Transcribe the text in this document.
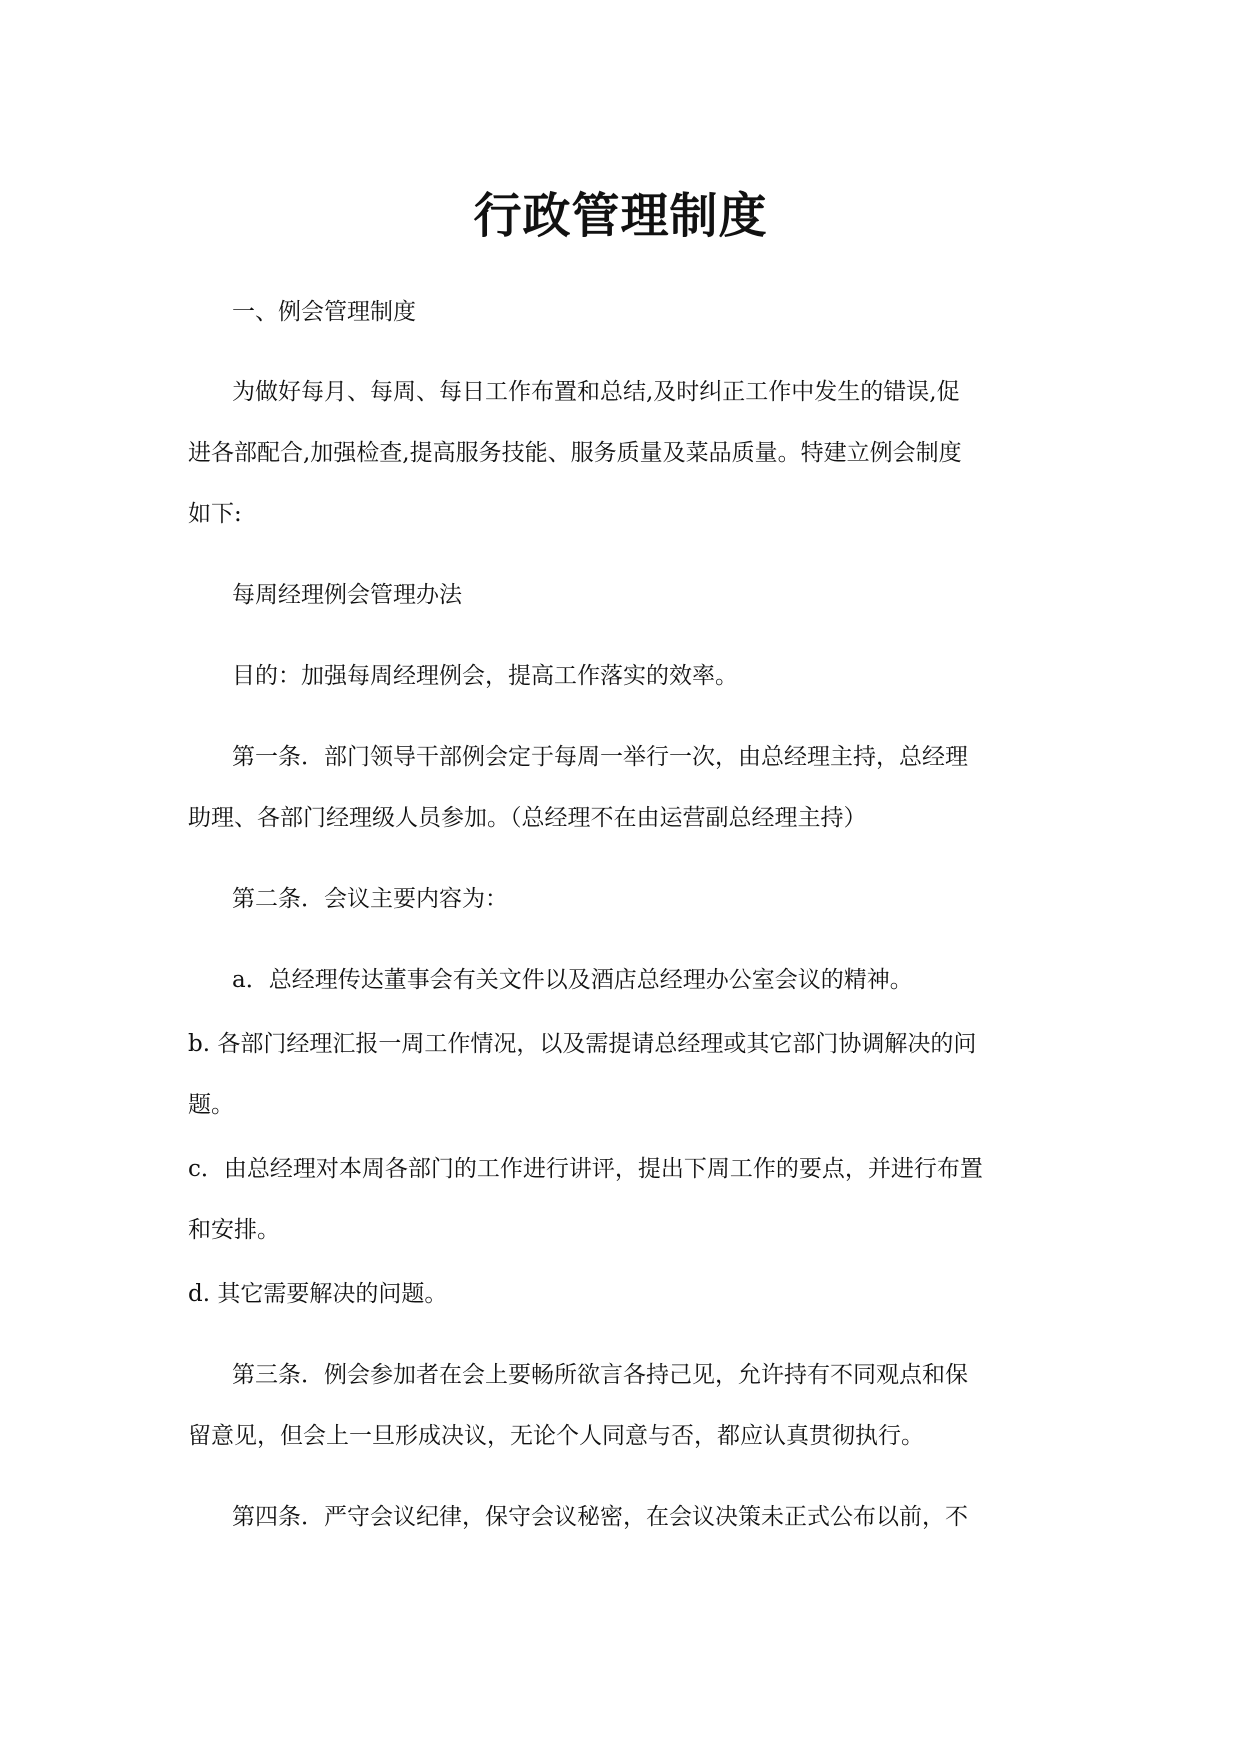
行政管理制度

一、例会管理制度

为做好每月、每周、每日工作布置和总结,及时纠正工作中发生的错误,促

进各部配合,加强检查,提高服务技能、服务质量及菜品质量。特建立例会制度

如下:

每周经理例会管理办法

目的：加强每周经理例会，提高工作落实的效率。

第一条．部门领导干部例会定于每周一举行一次，由总经理主持，总经理

助理、各部门经理级人员参加。（总经理不在由运营副总经理主持）

第二条．会议主要内容为：

a．总经理传达董事会有关文件以及酒店总经理办公室会议的精神。

b. 各部门经理汇报一周工作情况，以及需提请总经理或其它部门协调解决的问

题。

c．由总经理对本周各部门的工作进行讲评，提出下周工作的要点，并进行布置

和安排。

d. 其它需要解决的问题。

第三条．例会参加者在会上要畅所欲言各持己见，允许持有不同观点和保

留意见，但会上一旦形成决议，无论个人同意与否，都应认真贯彻执行。

第四条．严守会议纪律，保守会议秘密，在会议决策未正式公布以前，不
